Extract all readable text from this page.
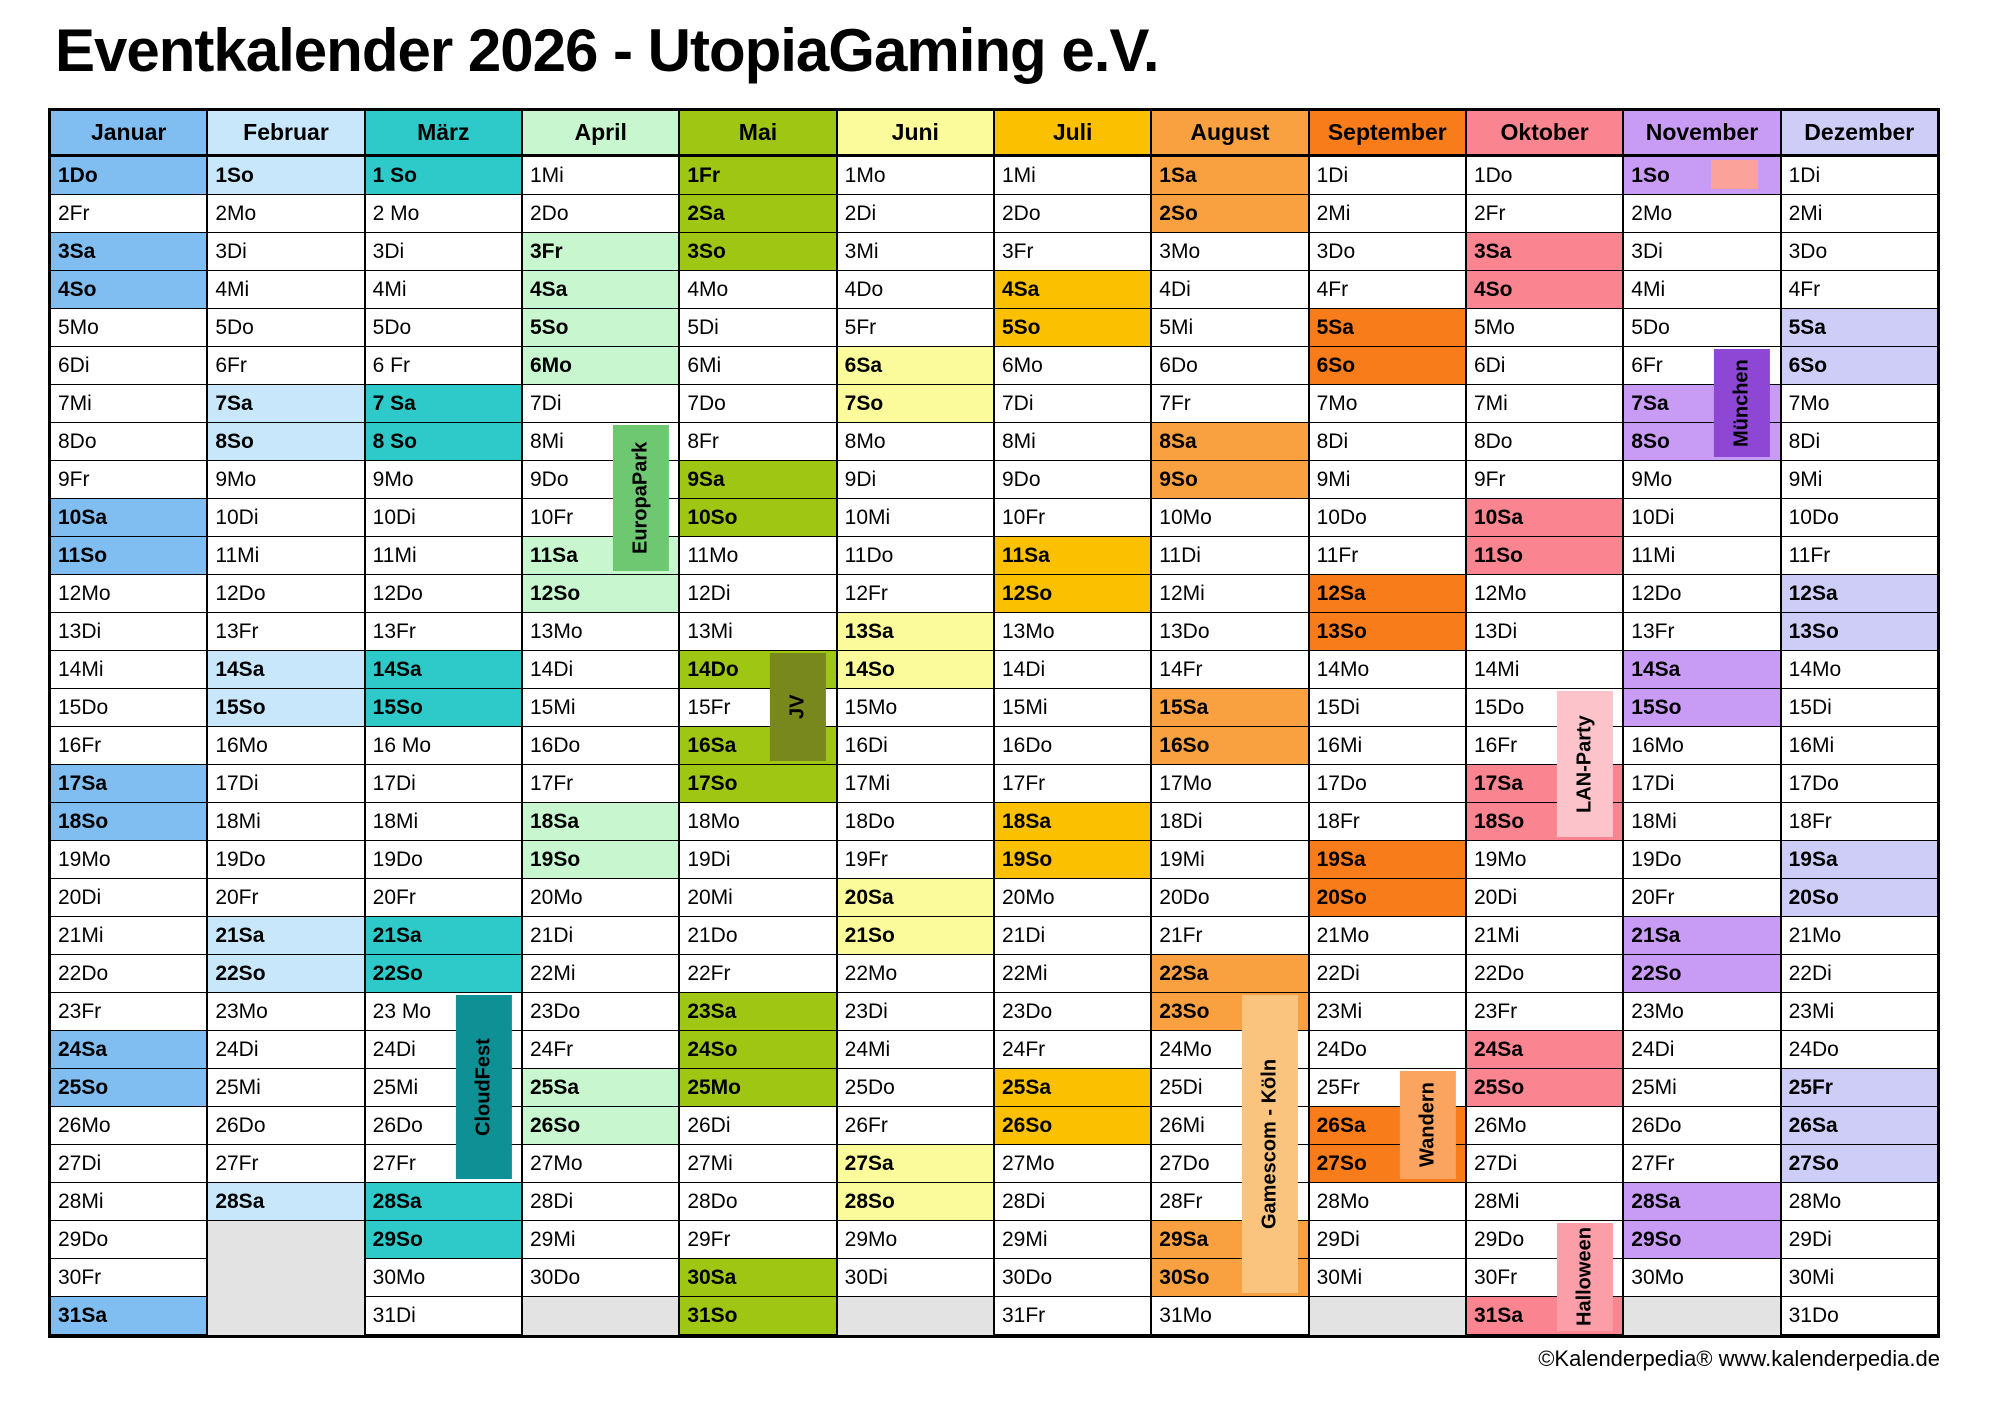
Eventkalender 2026 - UtopiaGaming e.V.
Januar
1Do
2Fr
3Sa
4So
5Mo
6Di
7Mi
8Do
9Fr
10Sa
11So
12Mo
13Di
14Mi
15Do
16Fr
17Sa
18So
19Mo
20Di
21Mi
22Do
23Fr
24Sa
25So
26Mo
27Di
28Mi
29Do
30Fr
31Sa
Februar
1So
2Mo
3Di
4Mi
5Do
6Fr
7Sa
8So
9Mo
10Di
11Mi
12Do
13Fr
14Sa
15So
16Mo
17Di
18Mi
19Do
20Fr
21Sa
22So
23Mo
24Di
25Mi
26Do
27Fr
28Sa
März
1 So
2 Mo
3Di
4Mi
5Do
6 Fr
7 Sa
8 So
9Mo
10Di
11Mi
12Do
13Fr
14Sa
15So
16 Mo
17Di
18Mi
19Do
20Fr
21Sa
22So
23 Mo
24Di
25Mi
26Do
27Fr
28Sa
29So
30Mo
31Di
CloudFest
April
1Mi
2Do
3Fr
4Sa
5So
6Mo
7Di
8Mi
9Do
10Fr
11Sa
12So
13Mo
14Di
15Mi
16Do
17Fr
18Sa
19So
20Mo
21Di
22Mi
23Do
24Fr
25Sa
26So
27Mo
28Di
29Mi
30Do
EuropaPark
Mai
1Fr
2Sa
3So
4Mo
5Di
6Mi
7Do
8Fr
9Sa
10So
11Mo
12Di
13Mi
14Do
15Fr
16Sa
17So
18Mo
19Di
20Mi
21Do
22Fr
23Sa
24So
25Mo
26Di
27Mi
28Do
29Fr
30Sa
31So
JV
Juni
1Mo
2Di
3Mi
4Do
5Fr
6Sa
7So
8Mo
9Di
10Mi
11Do
12Fr
13Sa
14So
15Mo
16Di
17Mi
18Do
19Fr
20Sa
21So
22Mo
23Di
24Mi
25Do
26Fr
27Sa
28So
29Mo
30Di
Juli
1Mi
2Do
3Fr
4Sa
5So
6Mo
7Di
8Mi
9Do
10Fr
11Sa
12So
13Mo
14Di
15Mi
16Do
17Fr
18Sa
19So
20Mo
21Di
22Mi
23Do
24Fr
25Sa
26So
27Mo
28Di
29Mi
30Do
31Fr
August
1Sa
2So
3Mo
4Di
5Mi
6Do
7Fr
8Sa
9So
10Mo
11Di
12Mi
13Do
14Fr
15Sa
16So
17Mo
18Di
19Mi
20Do
21Fr
22Sa
23So
24Mo
25Di
26Mi
27Do
28Fr
29Sa
30So
31Mo
Gamescom - Köln
September
1Di
2Mi
3Do
4Fr
5Sa
6So
7Mo
8Di
9Mi
10Do
11Fr
12Sa
13So
14Mo
15Di
16Mi
17Do
18Fr
19Sa
20So
21Mo
22Di
23Mi
24Do
25Fr
26Sa
27So
28Mo
29Di
30Mi
Wandern
Oktober
1Do
2Fr
3Sa
4So
5Mo
6Di
7Mi
8Do
9Fr
10Sa
11So
12Mo
13Di
14Mi
15Do
16Fr
17Sa
18So
19Mo
20Di
21Mi
22Do
23Fr
24Sa
25So
26Mo
27Di
28Mi
29Do
30Fr
31Sa
LAN-Party
Halloween
November
1So
2Mo
3Di
4Mi
5Do
6Fr
7Sa
8So
9Mo
10Di
11Mi
12Do
13Fr
14Sa
15So
16Mo
17Di
18Mi
19Do
20Fr
21Sa
22So
23Mo
24Di
25Mi
26Do
27Fr
28Sa
29So
30Mo
München
Dezember
1Di
2Mi
3Do
4Fr
5Sa
6So
7Mo
8Di
9Mi
10Do
11Fr
12Sa
13So
14Mo
15Di
16Mi
17Do
18Fr
19Sa
20So
21Mo
22Di
23Mi
24Do
25Fr
26Sa
27So
28Mo
29Di
30Mi
31Do
©Kalenderpedia® www.kalenderpedia.de
